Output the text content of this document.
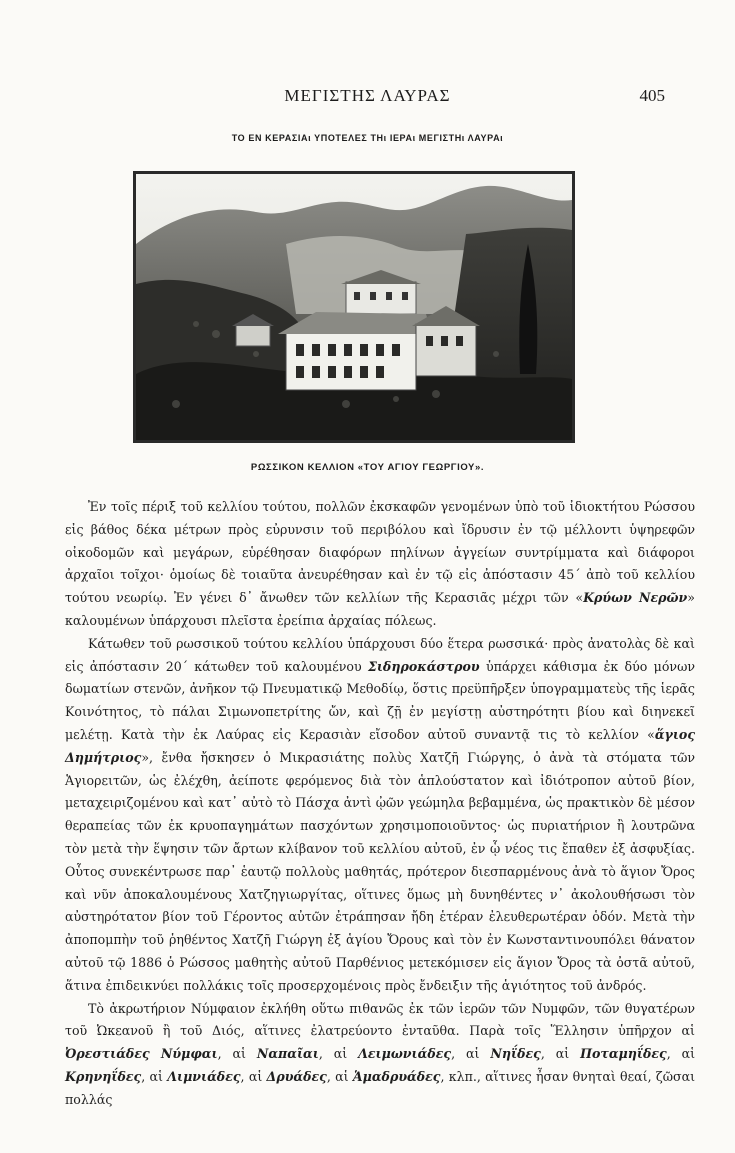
ΜΕΓΙΣΤΗΣ ΛΑΥΡΑΣ	405
ΤΟ ΕΝ ΚΕΡΑΣΙΑι ΥΠΟΤΕΛΕΣ ΤΗι ΙΕΡΑι ΜΕΓΙΣΤΗι ΛΑΥΡΑι
ΡΩΣΣΙΚΟΝ ΚΕΛΛΙΟΝ «ΤΟΥ ΑΓΙΟΥ ΓΕΩΡΓΙΟΥ».

Ἐν τοῖς πέριξ τοῦ κελλίου τούτου, πολλῶν ἐκσκαφῶν γενομένων ὑπὸ τοῦ ἰδιοκτήτου Ρώσσου εἰς βάθος δέκα μέτρων πρὸς εὐρυνσιν τοῦ περιβόλου καὶ ἴδρυσιν ἐν τῷ μέλλοντι ὑψηρεφῶν οἰκοδομῶν καὶ μεγάρων, εὑρέθησαν διαφόρων πηλίνων ἀγγείων συντρίμματα καὶ διάφοροι ἀρχαῖοι τοῖχοι· ὁμοίως δὲ τοιαῦτα ἀνευρέθησαν καὶ ἐν τῷ εἰς ἀπόστασιν 45΄ ἀπὸ τοῦ κελλίου τούτου νεωρίῳ. Ἐν γένει δ᾽ ἄνωθεν τῶν κελλίων τῆς Κερασιᾶς μέχρι τῶν «Κρύων Νερῶν» καλουμένων ὑπάρχουσι πλεῖστα ἐρείπια ἀρχαίας πόλεως.

Κάτωθεν τοῦ ρωσσικοῦ τούτου κελλίου ὑπάρχουσι δύο ἕτερα ρωσσικά· πρὸς ἀνατολὰς δὲ καὶ εἰς ἀπόστασιν 20΄ κάτωθεν τοῦ καλουμένου Σιδηροκάστρου ὑπάρχει κάθισμα ἐκ δύο μόνων δωματίων στενῶν, ἀνῆκον τῷ Πνευματικῷ Μεθοδίῳ, ὅστις πρεϋπῆρξεν ὑπογραμματεὺς τῆς ἱερᾶς Κοινότητος, τὸ πάλαι Σιμωνοπετρίτης ὤν, καὶ ζῇ ἐν μεγίστῃ αὐστηρότητι βίου καὶ διηνεκεῖ μελέτῃ. Κατὰ τὴν ἐκ Λαύρας εἰς Κερασιὰν εἴσοδον αὐτοῦ συναντᾷ τις τὸ κελλίον «ἅγιος Δημήτριος», ἔνθα ἤσκησεν ὁ Μικρασιάτης πολὺς Χατζῆ Γιώργης, ὁ ἀνὰ τὰ στόματα τῶν Ἁγιορειτῶν, ὡς ἐλέχθη, ἀείποτε φερόμενος διὰ τὸν ἁπλούστατον καὶ ἰδιότροπον αὐτοῦ βίον, μεταχειριζομένου καὶ κατ᾽ αὐτὸ τὸ Πάσχα ἀντὶ ᾠῶν γεώμηλα βεβαμμένα, ὡς πρακτικὸν δὲ μέσον θεραπείας τῶν ἐκ κρυοπαγημάτων πασχόντων χρησιμοποιοῦντος· ὡς πυριατήριον ἢ λουτρῶνα τὸν μετὰ τὴν ἕψησιν τῶν ἄρτων κλίβανον τοῦ κελλίου αὐτοῦ, ἐν ᾧ νέος τις ἔπαθεν ἐξ ἀσφυξίας. Οὗτος συνεκέντρωσε παρ᾽ ἑαυτῷ πολλοὺς μαθητάς, πρότερον διεσπαρμένους ἀνὰ τὸ ἅγιον Ὄρος καὶ νῦν ἀποκαλουμένους Χατζηγιωργίτας, οἵτινες ὅμως μὴ δυνηθέντες ν᾽ ἀκολουθήσωσι τὸν αὐστηρότατον βίον τοῦ Γέροντος αὐτῶν ἐτράπησαν ἤδη ἑτέραν ἐλευθερωτέραν ὁδόν. Μετὰ τὴν ἀποπομπὴν τοῦ ῥηθέντος Χατζῆ Γιώργη ἐξ ἁγίου Ὄρους καὶ τὸν ἐν Κωνσταντινουπόλει θάνατον αὐτοῦ τῷ 1886 ὁ Ρώσσος μαθητὴς αὐτοῦ Παρθένιος μετεκόμισεν εἰς ἅγιον Ὄρος τὰ ὀστᾶ αὐτοῦ, ἅτινα ἐπιδεικνύει πολλάκις τοῖς προσερχομένοις πρὸς ἔνδειξιν τῆς ἁγιότητος τοῦ ἀνδρός.

Τὸ ἀκρωτήριον Νύμφαιον ἐκλήθη οὕτω πιθανῶς ἐκ τῶν ἱερῶν τῶν Νυμφῶν, τῶν θυγατέρων τοῦ Ὠκεανοῦ ἢ τοῦ Διός, αἵτινες ἐλατρεύοντο ἐνταῦθα. Παρὰ τοῖς Ἕλλησιν ὑπῆρχον αἱ Ὀρεστιάδες Νύμφαι, αἱ Ναπαῖαι, αἱ Λειμωνιάδες, αἱ Νηΐδες, αἱ Ποταμηΐδες, αἱ Κρηνηΐδες, αἱ Λιμνιάδες, αἱ Δρυάδες, αἱ Ἁμαδρυάδες, κλπ., αἵτινες ἦσαν θνηταὶ θεαί, ζῶσαι πολλάς
